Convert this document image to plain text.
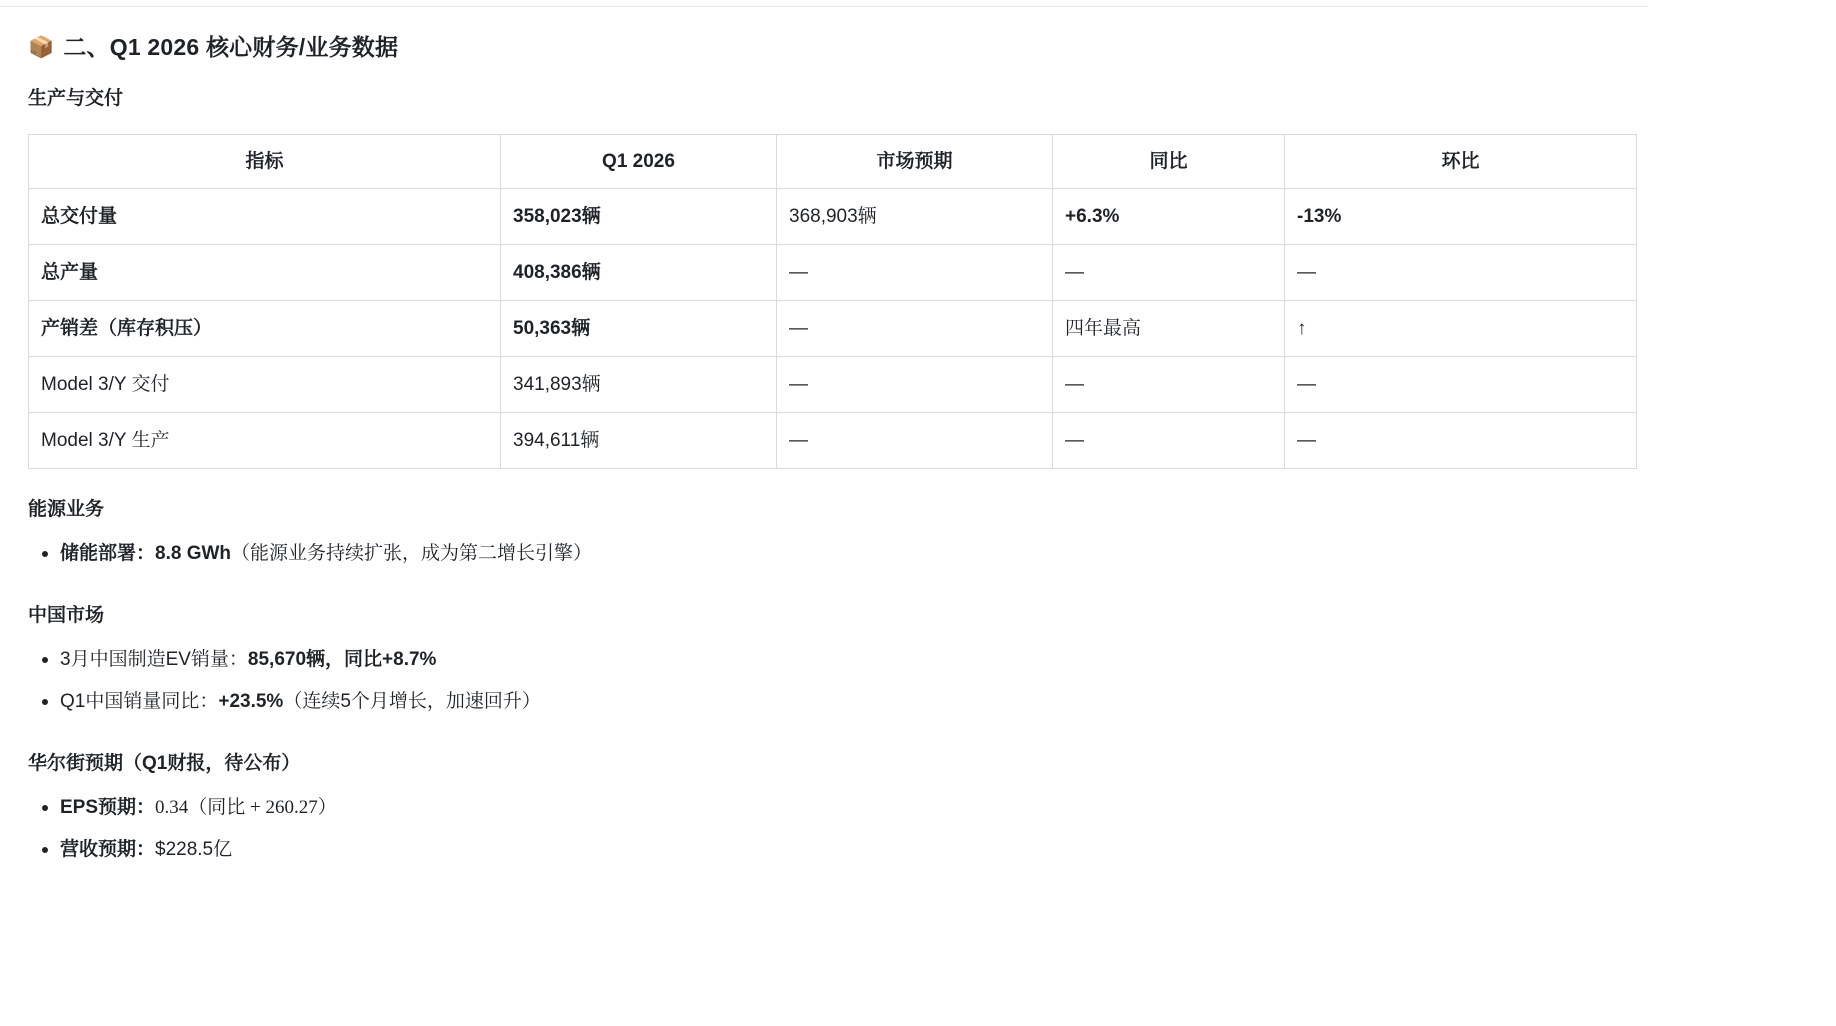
📦 二、Q1 2026 核心财务/业务数据
生产与交付
指标	Q1 2026	市场预期	同比	环比
总交付量	358,023辆	368,903辆	+6.3%	-13%
总产量	408,386辆	—	—	—
产销差（库存积压）	50,363辆	—	四年最高	↑
Model 3/Y 交付	341,893辆	—	—	—
Model 3/Y 生产	394,611辆	—	—	—
能源业务
储能部署：8.8 GWh（能源业务持续扩张，成为第二增长引擎）
中国市场
3月中国制造EV销量：85,670辆，同比+8.7%
Q1中国销量同比：+23.5%（连续5个月增长，加速回升）
华尔街预期（Q1财报，待公布）
EPS预期：0.34（同比 + 260.27）
营收预期：$228.5亿
